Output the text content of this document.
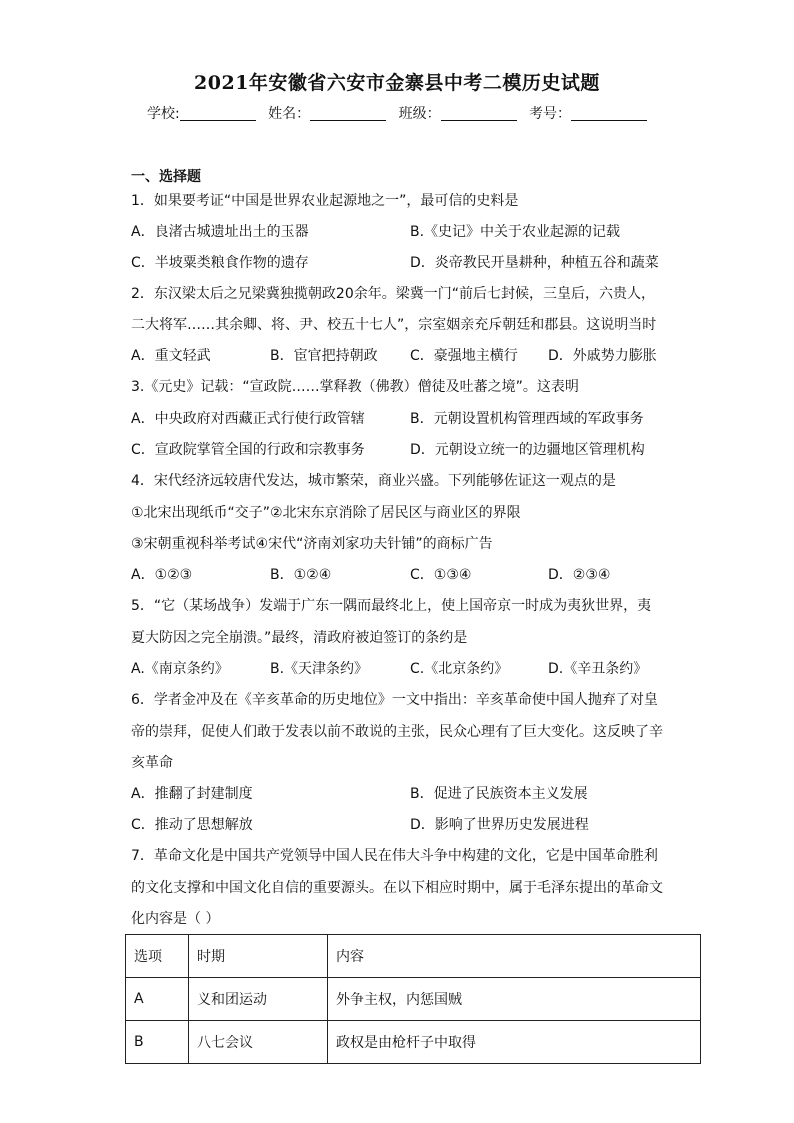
2021年安徽省六安市金寨县中考二模历史试题
学校:	姓名：	班级：	考号：
一、选择题
1．如果要考证“中国是世界农业起源地之一”，最可信的史料是
A．良渚古城遗址出土的玉器	B.《史记》中关于农业起源的记载
C．半坡粟类粮食作物的遗存	D．炎帝教民开垦耕种，种植五谷和蔬菜
2．东汉梁太后之兄梁冀独揽朝政20余年。梁冀一门“前后七封候，三皇后，六贵人，
二大将军……其余卿、将、尹、校五十七人”，宗室姻亲充斥朝廷和郡县。这说明当时
A．重文轻武	B．宦官把持朝政 C．豪强地主横行 D．外戚势力膨胀
3.《元史》记载：“宣政院……掌释教（佛教）僧徒及吐蕃之境”。这表明
A．中央政府对西藏正式行使行政管辖	B．元朝设置机构管理西域的军政事务
C．宣政院掌管全国的行政和宗教事务	D．元朝设立统一的边疆地区管理机构
4．宋代经济远较唐代发达，城市繁荣，商业兴盛。下列能够佐证这一观点的是
①北宋出现纸币“交子”②北宋东京消除了居民区与商业区的界限
③宋朝重视科举考试④宋代“济南刘家功夫针铺”的商标广告
A．①②③	B．①②④	C．①③④	D．②③④
5．“它（某场战争）发端于广东一隅而最终北上，使上国帝京一时成为夷狄世界，夷
夏大防因之完全崩溃。”最终，清政府被迫签订的条约是
A.《南京条约》	B.《天津条约》	C.《北京条约》	D.《辛丑条约》
6．学者金冲及在《辛亥革命的历史地位》一文中指出：辛亥革命使中国人抛弃了对皇
帝的崇拜，促使人们敢于发表以前不敢说的主张，民众心理有了巨大变化。这反映了辛
亥革命
A．推翻了封建制度	B．促进了民族资本主义发展
C．推动了思想解放	D．影响了世界历史发展进程
7．革命文化是中国共产党领导中国人民在伟大斗争中构建的文化，它是中国革命胜利
的文化支撑和中国文化自信的重要源头。在以下相应时期中，属于毛泽东提出的革命文
化内容是（ ）
选项	时期	内容
A	义和团运动	外争主权，内惩国贼
B	八七会议	政权是由枪杆子中取得
